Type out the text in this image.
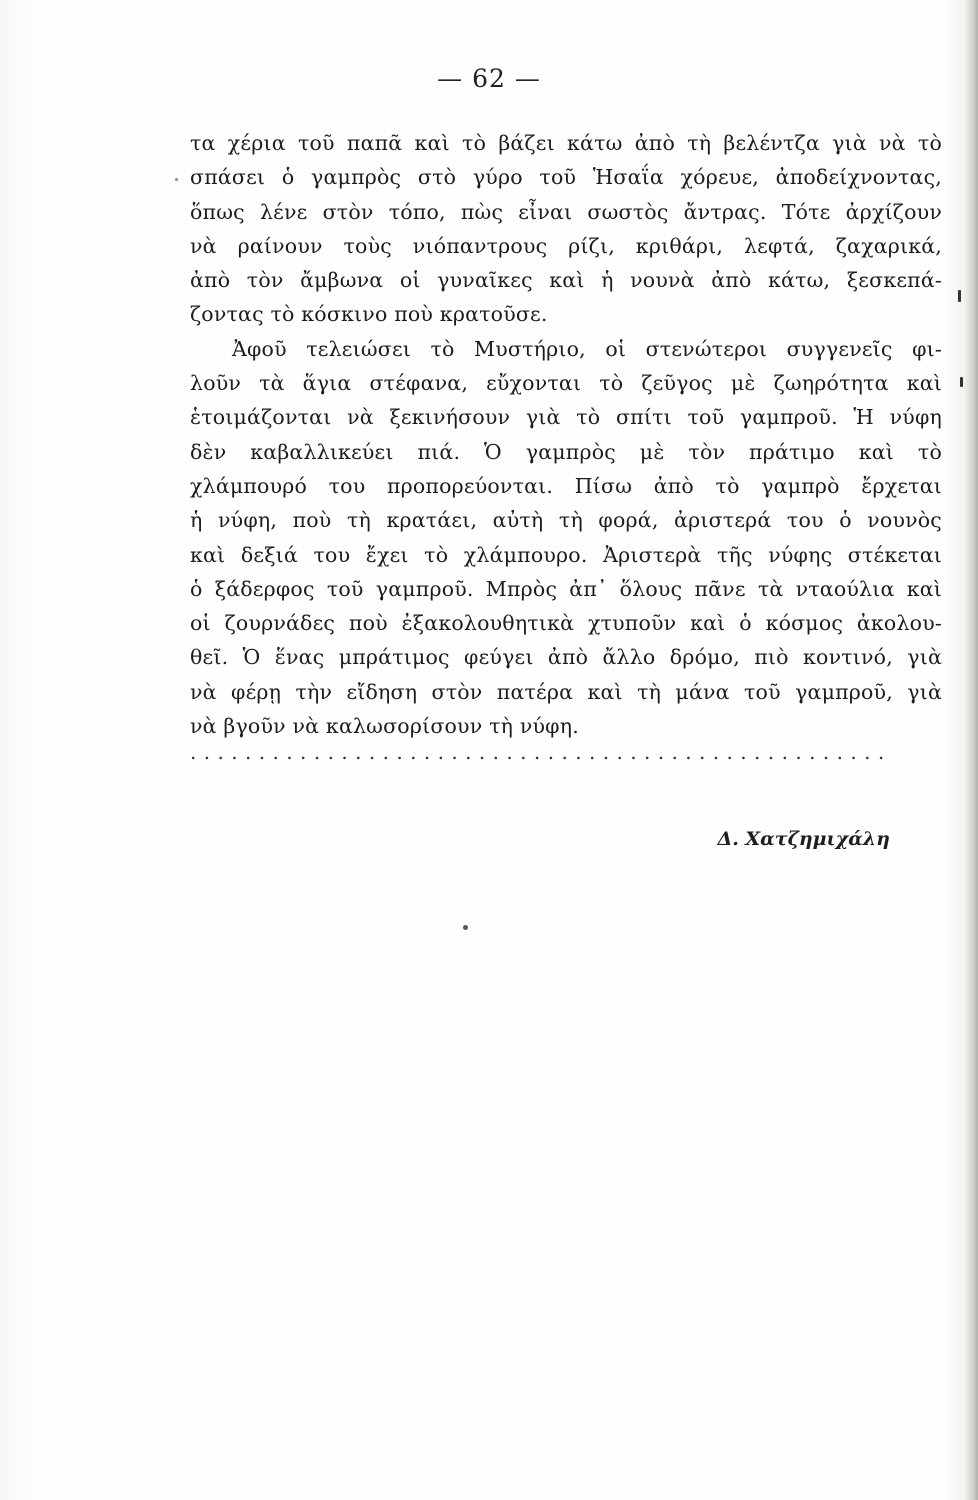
— 62 —
τα χέρια τοῦ παπᾶ καὶ τὸ βάζει κάτω ἀπὸ τὴ βελέντζα γιὰ νὰ τὸ
σπάσει ὁ γαμπρὸς στὸ γύρο τοῦ Ἡσαΐα χόρευε, ἀποδείχνοντας,
ὅπως λένε στὸν τόπο, πὼς εἶναι σωστὸς ἄντρας. Τότε ἀρχίζουν
νὰ ραίνουν τοὺς νιόπαντρους ρίζι, κριθάρι, λεφτά, ζαχαρικά,
ἀπὸ τὸν ἄμβωνα οἱ γυναῖκες καὶ ἡ νουνὰ ἀπὸ κάτω, ξεσκεπά-
ζοντας τὸ κόσκινο ποὺ κρατοῦσε.
Ἀφοῦ τελειώσει τὸ Μυστήριο, οἱ στενώτεροι συγγενεῖς φι-
λοῦν τὰ ἅγια στέφανα, εὔχονται τὸ ζεῦγος μὲ ζωηρότητα καὶ
ἑτοιμάζονται νὰ ξεκινήσουν γιὰ τὸ σπίτι τοῦ γαμπροῦ. Ἡ νύφη
δὲν καβαλλικεύει πιά. Ὁ γαμπρὸς μὲ τὸν πράτιμο καὶ τὸ
χλάμπουρό του προπορεύονται. Πίσω ἀπὸ τὸ γαμπρὸ ἔρχεται
ἡ νύφη, ποὺ τὴ κρατάει, αὐτὴ τὴ φορά, ἀριστερά του ὁ νουνὸς
καὶ δεξιά του ἔχει τὸ χλάμπουρο. Ἀριστερὰ τῆς νύφης στέκεται
ὁ ξάδερφος τοῦ γαμπροῦ. Μπρὸς ἀπ᾿ ὅλους πᾶνε τὰ νταούλια καὶ
οἱ ζουρνάδες ποὺ ἐξακολουθητικὰ χτυποῦν καὶ ὁ κόσμος ἀκολου-
θεῖ. Ὁ ἕνας μπράτιμος φεύγει ἀπὸ ἄλλο δρόμο, πιὸ κοντινό, γιὰ
νὰ φέρῃ τὴν εἴδηση στὸν πατέρα καὶ τὴ μάνα τοῦ γαμπροῦ, γιὰ
νὰ βγοῦν νὰ καλωσορίσουν τὴ νύφη.
...................................................
Δ. Χατζημιχάλη
